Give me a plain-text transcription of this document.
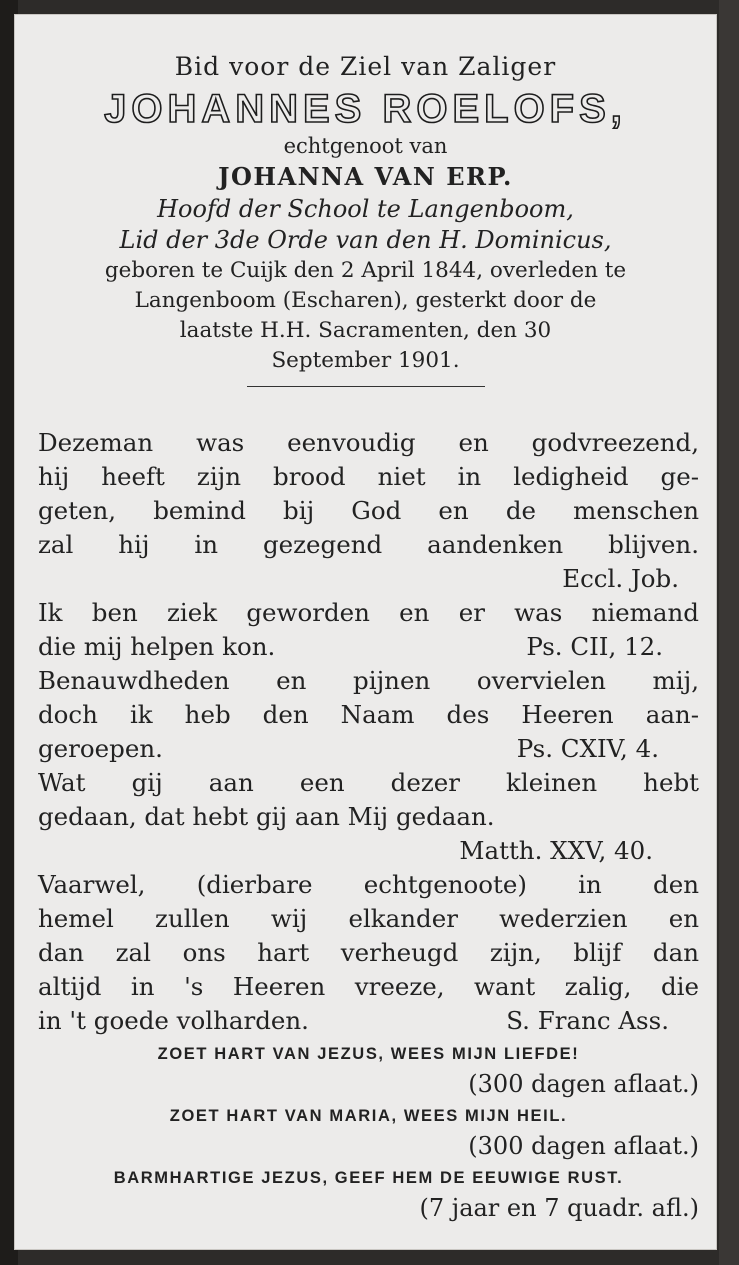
Bid voor de Ziel van Zaliger
JOHANNES ROELOFS,
echtgenoot van
JOHANNA VAN ERP.
Hoofd der School te Langenboom,
Lid der 3de Orde van den H. Dominicus,
geboren te Cuijk den 2 April 1844, overleden te
Langenboom (Escharen), gesterkt door de
laatste H.H. Sacramenten, den 30
September 1901.
Dezeman was eenvoudig en godvreezend,
hij heeft zijn brood niet in ledigheid ge-
geten, bemind bij God en de menschen
zal hij in gezegend aandenken blijven.
Eccl. Job.
Ik ben ziek geworden en er was niemand
die mij helpen kon.	Ps. CII, 12.
Benauwdheden en pijnen overvielen mij,
doch ik heb den Naam des Heeren aan-
geroepen.	Ps. CXIV, 4.
Wat gij aan een dezer kleinen hebt
gedaan, dat hebt gij aan Mij gedaan.
Matth. XXV, 40.
Vaarwel, (dierbare echtgenoote) in den
hemel zullen wij elkander wederzien en
dan zal ons hart verheugd zijn, blijf dan
altijd in 's Heeren vreeze, want zalig, die
in 't goede volharden.	S. Franc Ass.
ZOET HART VAN JEZUS, WEES MIJN LIEFDE!
(300 dagen aflaat.)
ZOET HART VAN MARIA, WEES MIJN HEIL.
(300 dagen aflaat.)
BARMHARTIGE JEZUS, GEEF HEM DE EEUWIGE RUST.
(7 jaar en 7 quadr. afl.)
